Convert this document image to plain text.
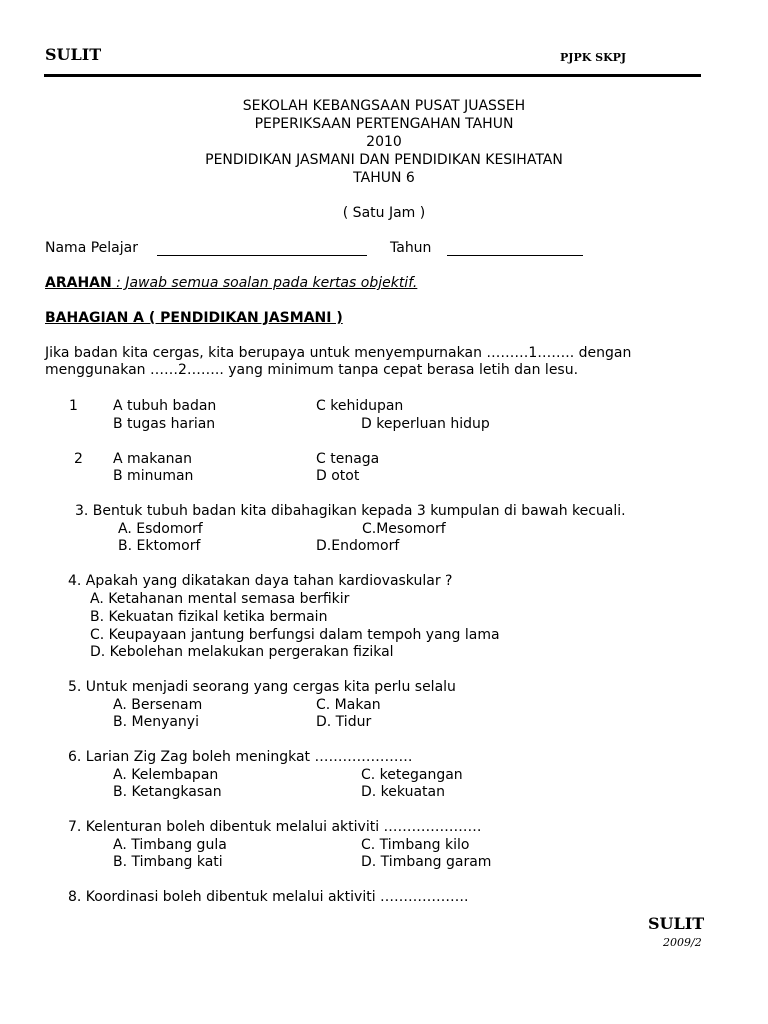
SULIT	PJPK SKPJ
SEKOLAH KEBANGSAAN PUSAT JUASSEH
PEPERIKSAAN PERTENGAHAN TAHUN
2010
PENDIDIKAN JASMANI DAN PENDIDIKAN KESIHATAN
TAHUN 6
( Satu Jam )
Nama Pelajar	Tahun
ARAHAN : Jawab semua soalan pada kertas objektif.
BAHAGIAN A ( PENDIDIKAN JASMANI )
Jika badan kita cergas, kita berupaya untuk menyempurnakan ………1…….. dengan
menggunakan ……2…….. yang minimum tanpa cepat berasa letih dan lesu.
1	A tubuh badan	C kehidupan
B tugas harian	D keperluan hidup
2 A makanan	C tenaga
B minuman	D otot
3. Bentuk tubuh badan kita dibahagikan kepada 3 kumpulan di bawah kecuali.
A. Esdomorf	C.Mesomorf
B. Ektomorf	D.Endomorf
4. Apakah yang dikatakan daya tahan kardiovaskular ?
A. Ketahanan mental semasa berfikir
B. Kekuatan fizikal ketika bermain
C. Keupayaan jantung berfungsi dalam tempoh yang lama
D. Kebolehan melakukan pergerakan fizikal
5. Untuk menjadi seorang yang cergas kita perlu selalu
A. Bersenam	C. Makan
B. Menyanyi	D. Tidur
6. Larian Zig Zag boleh meningkat …………………
A. Kelembapan	C. ketegangan
B. Ketangkasan	D. kekuatan
7. Kelenturan boleh dibentuk melalui aktiviti …………………
A. Timbang gula	C. Timbang kilo
B. Timbang kati	D. Timbang garam
8. Koordinasi boleh dibentuk melalui aktiviti ……………….
SULIT
2009/2
